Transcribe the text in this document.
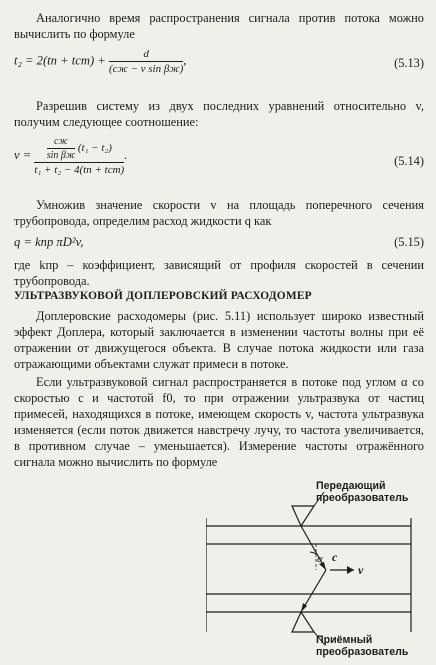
Аналогично время распространения сигнала против потока можно вычислить по формуле
$t_2 = 2(tп + tст) + \frac{d}{\text{(cж − v sin βж)}}$ ,	(5.13)
Разрешив систему из двух последних уравнений относительно v, получим следующее соотношение:
$v = \frac{\frac{cж}{\text{sin βж}} (t_1 - t_2)}{\text{t₁ + t₂ − 4(tп + tст)}}$ .	(5.14)
Умножив значение скорости v на площадь поперечного сечения трубопровода, определим расход жидкости q как
q = kпр πD²v,	(5.15)
где kпр – коэффициент, зависящий от профиля скоростей в сечении трубопровода.
УЛЬТРАЗВУКОВОЙ ДОПЛЕРОВСКИЙ РАСХОДОМЕР
Доплеровские расходомеры (рис. 5.11) использует широко известный эффект Доплера, который заключается в изменении частоты волны при её отражении от движущегося объекта. В случае потока жидкости или газа отражающими объектами служат примеси в потоке.
Если ультразвуковой сигнал распространяется в потоке под углом α со скоростью c и частотой f0, то при отражении ультразвука от частиц примесей, находящихся в потоке, имеющем скорость v, частота ультразвука изменяется (если поток движется навстречу лучу, то частота увеличивается, в противном случае – уменьшается). Измерение частоты отражённого сигнала можно вычислить по формуле
α c
v
Передающий
преобразователь
Приёмный
преобразователь
